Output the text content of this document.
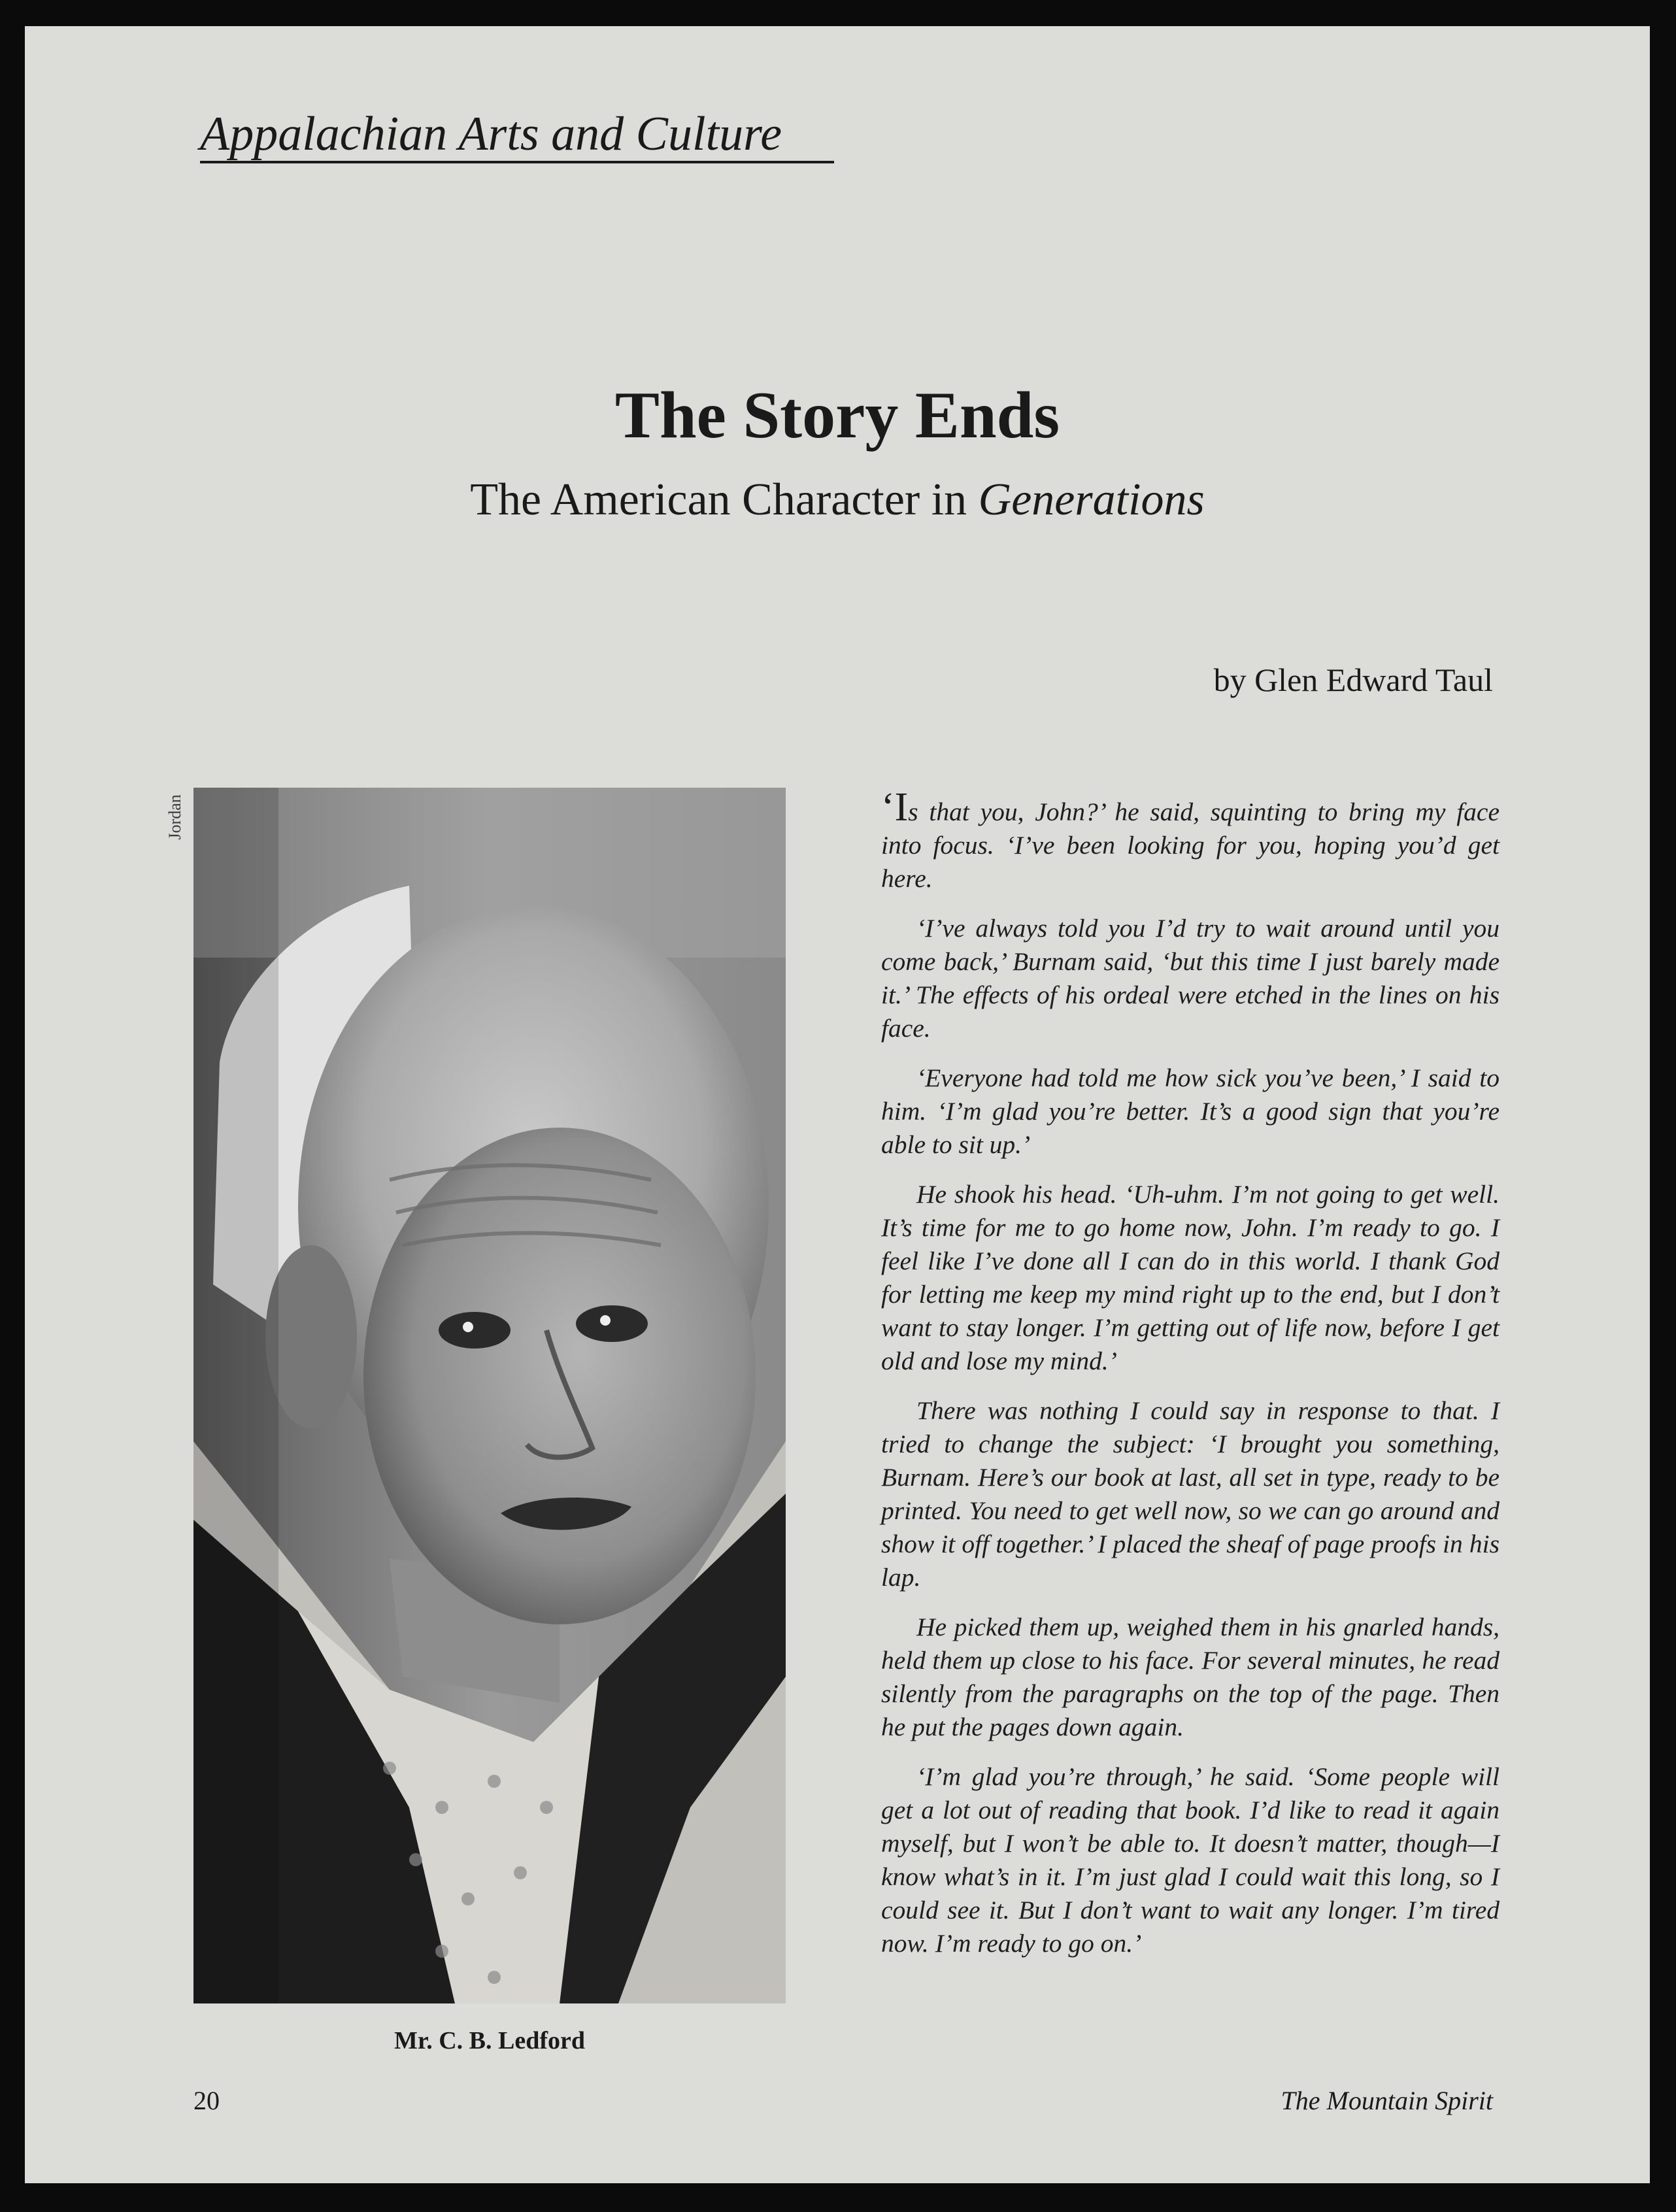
Appalachian Arts and Culture
The Story Ends
The American Character in Generations
by Glen Edward Taul
Jordan
Mr. C. B. Ledford

‘Is that you, John?’ he said, squinting to bring my face into focus. ‘I’ve been looking for you, hoping you’d get here.

‘I’ve always told you I’d try to wait around until you come back,’ Burnam said, ‘but this time I just barely made it.’ The effects of his ordeal were etched in the lines on his face.

‘Everyone had told me how sick you’ve been,’ I said to him. ‘I’m glad you’re better. It’s a good sign that you’re able to sit up.’

He shook his head. ‘Uh-uhm. I’m not going to get well. It’s time for me to go home now, John. I’m ready to go. I feel like I’ve done all I can do in this world. I thank God for letting me keep my mind right up to the end, but I don’t want to stay longer. I’m getting out of life now, before I get old and lose my mind.’

There was nothing I could say in response to that. I tried to change the subject: ‘I brought you something, Burnam. Here’s our book at last, all set in type, ready to be printed. You need to get well now, so we can go around and show it off together.’ I placed the sheaf of page proofs in his lap.

He picked them up, weighed them in his gnarled hands, held them up close to his face. For several minutes, he read silently from the paragraphs on the top of the page. Then he put the pages down again.

‘I’m glad you’re through,’ he said. ‘Some people will get a lot out of reading that book. I’d like to read it again myself, but I won’t be able to. It doesn’t matter, though—I know what’s in it. I’m just glad I could wait this long, so I could see it. But I don’t want to wait any longer. I’m tired now. I’m ready to go on.’

20	The Mountain Spirit
